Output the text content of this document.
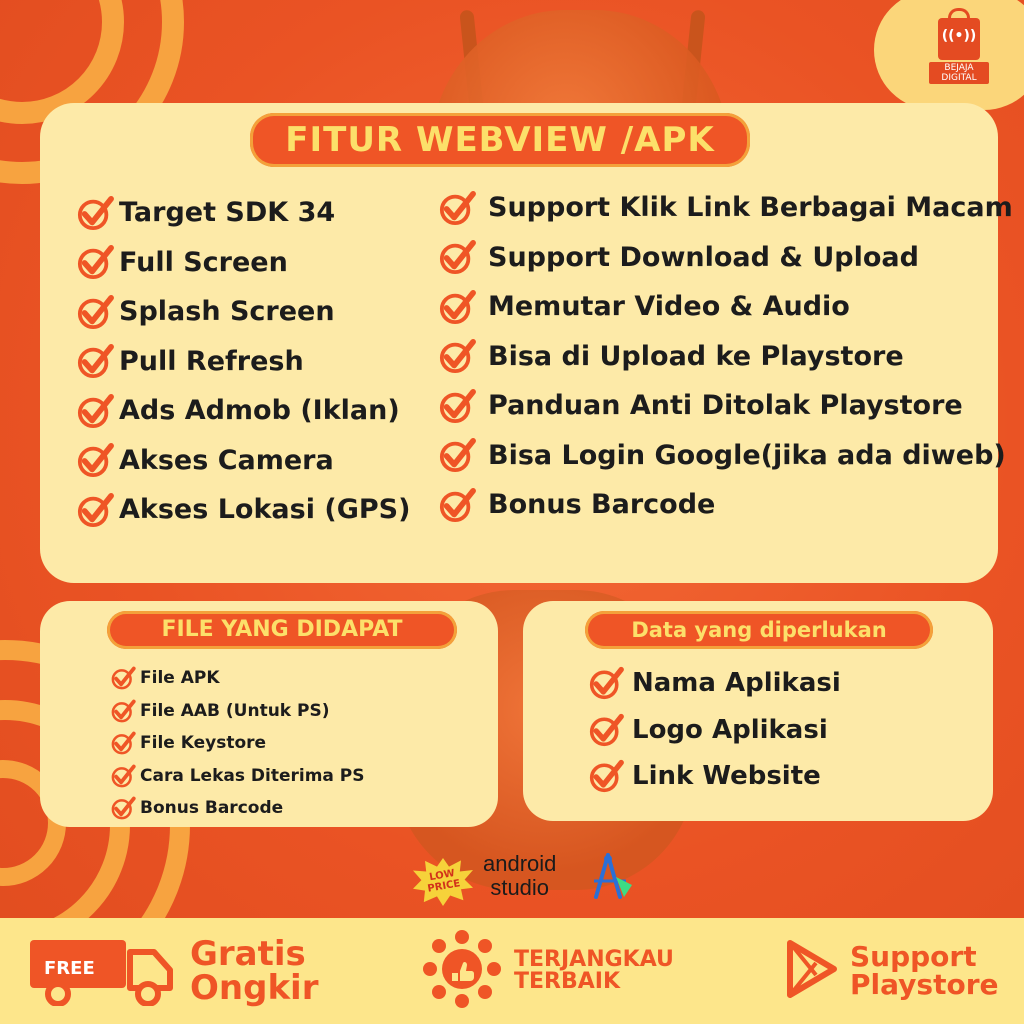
((•))
BEJAJA DIGITAL
FITUR WEBVIEW /APK
Target SDK 34
Full Screen
Splash Screen
Pull Refresh
Ads Admob (Iklan)
Akses Camera
Akses Lokasi (GPS)
Support Klik Link Berbagai Macam
Support Download & Upload
Memutar Video & Audio
Bisa di Upload ke Playstore
Panduan Anti Ditolak Playstore
Bisa Login Google(jika ada diweb)
Bonus Barcode
FILE YANG DIDAPAT
File APK
File AAB (Untuk PS)
File Keystore
Cara Lekas Diterima PS
Bonus Barcode
Data yang diperlukan
Nama Aplikasi
Logo Aplikasi
Link Website
LOW PRICE
android
studio
FREE	Gratis
Ongkir
TERJANGKAU
TERBAIK
Support
Playstore
